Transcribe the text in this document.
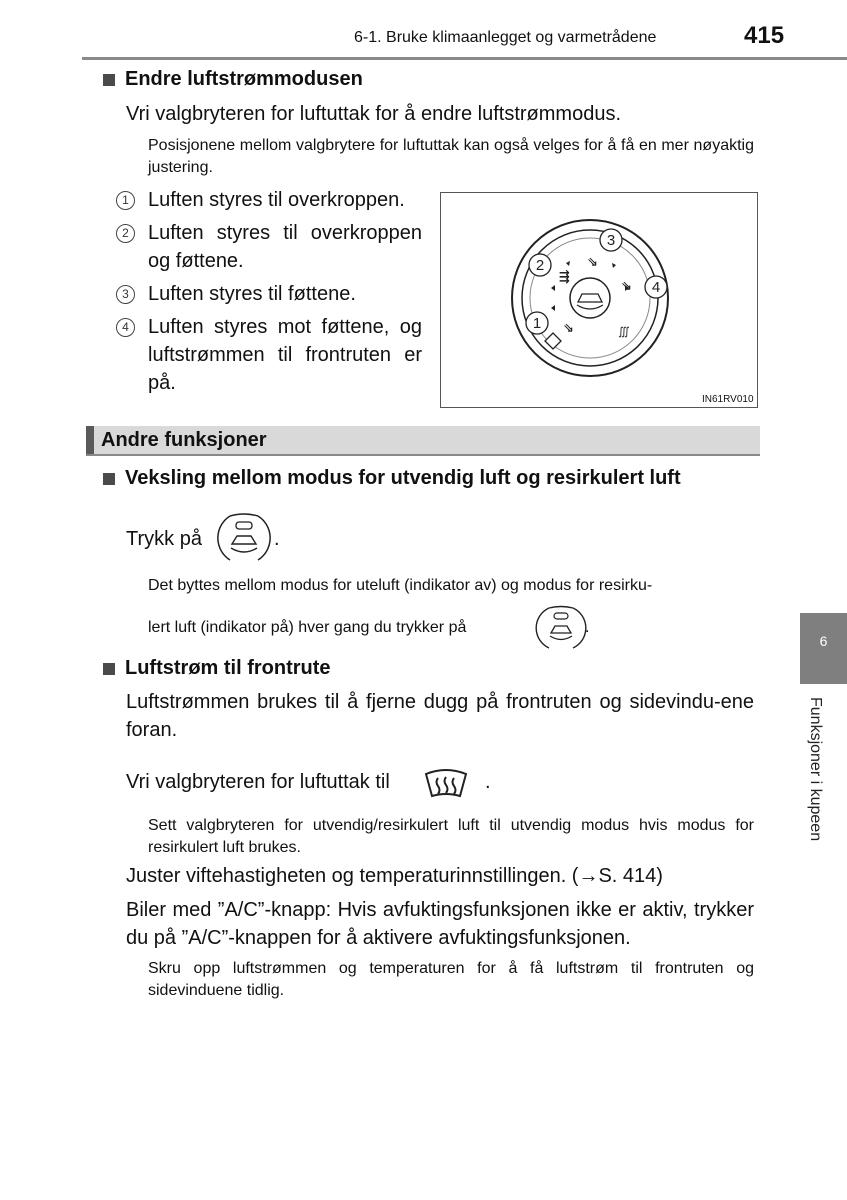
6-1. Bruke klimaanlegget og varmetrådene	415
Endre luftstrømmodusen
Vri valgbryteren for luftuttak for å endre luftstrømmodus.
Posisjonene mellom valgbrytere for luftuttak kan også velges for å få en mer nøyaktig justering.
1 Luften styres til overkroppen.
2 Luften styres til overkroppen og føttene.
3 Luften styres til føttene.
4 Luften styres mot føttene, og luftstrømmen til frontruten er på.
⇶
⇘
⇘
∭
⇘
3
2
4
1
IN61RV010
Andre funksjoner
Veksling mellom modus for utvendig luft og resirkulert luft
Trykk på	.
Det byttes mellom modus for uteluft (indikator av) og modus for resirku-
lert luft (indikator på) hver gang du trykker på	.
Luftstrøm til frontrute
Luftstrømmen brukes til å fjerne dugg på frontruten og sidevindu-ene foran.
Vri valgbryteren for luftuttak til	.
Sett valgbryteren for utvendig/resirkulert luft til utvendig modus hvis modus for resirkulert luft brukes.
Juster viftehastigheten og temperaturinnstillingen. (→S. 414)
Biler med ”A/C”-knapp: Hvis avfuktingsfunksjonen ikke er aktiv, trykker du på ”A/C”-knappen for å aktivere avfuktingsfunksjonen.
Skru opp luftstrømmen og temperaturen for å få luftstrøm til frontruten og sidevinduene tidlig.
6
Funksjoner i kupeen
